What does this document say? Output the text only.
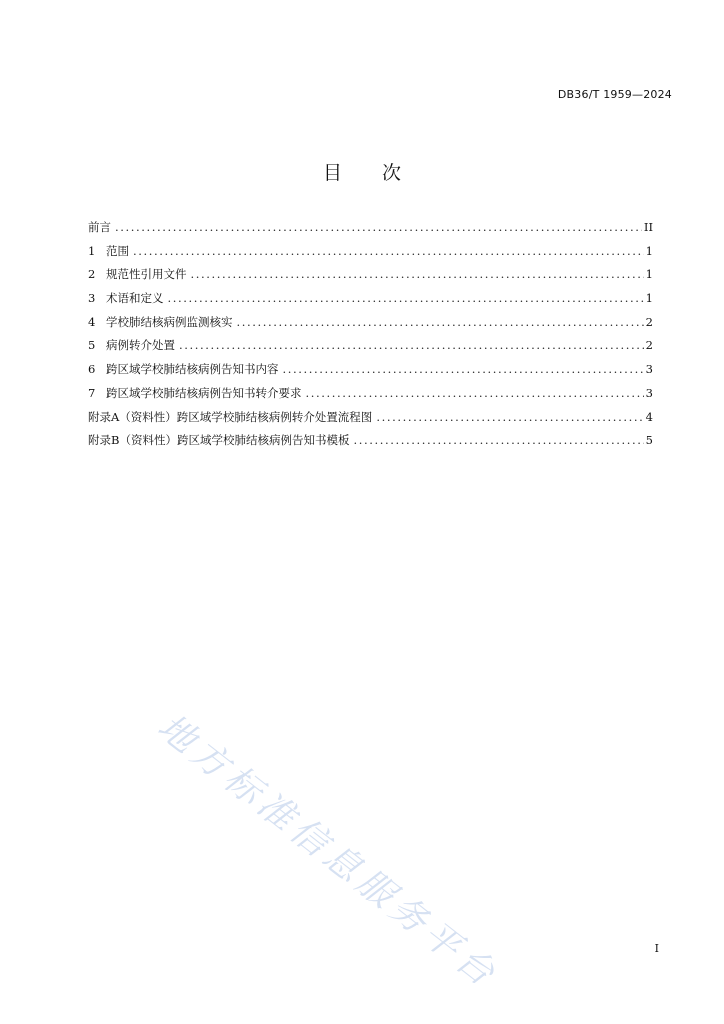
DB36/T 1959—2024
目 次
前言 .....	II
1 范围 .....	1
2 规范性引用文件 .....	1
3 术语和定义 .....	1
4 学校肺结核病例监测核实 .....	2
5 病例转介处置 .....	2
6 跨区域学校肺结核病例告知书内容 .....	3
7 跨区域学校肺结核病例告知书转介要求 .....	3
附录A（资料性）跨区域学校肺结核病例转介处置流程图 .....	4
附录B（资料性）跨区域学校肺结核病例告知书模板 .....	5
地方标准信息服务平台	I
